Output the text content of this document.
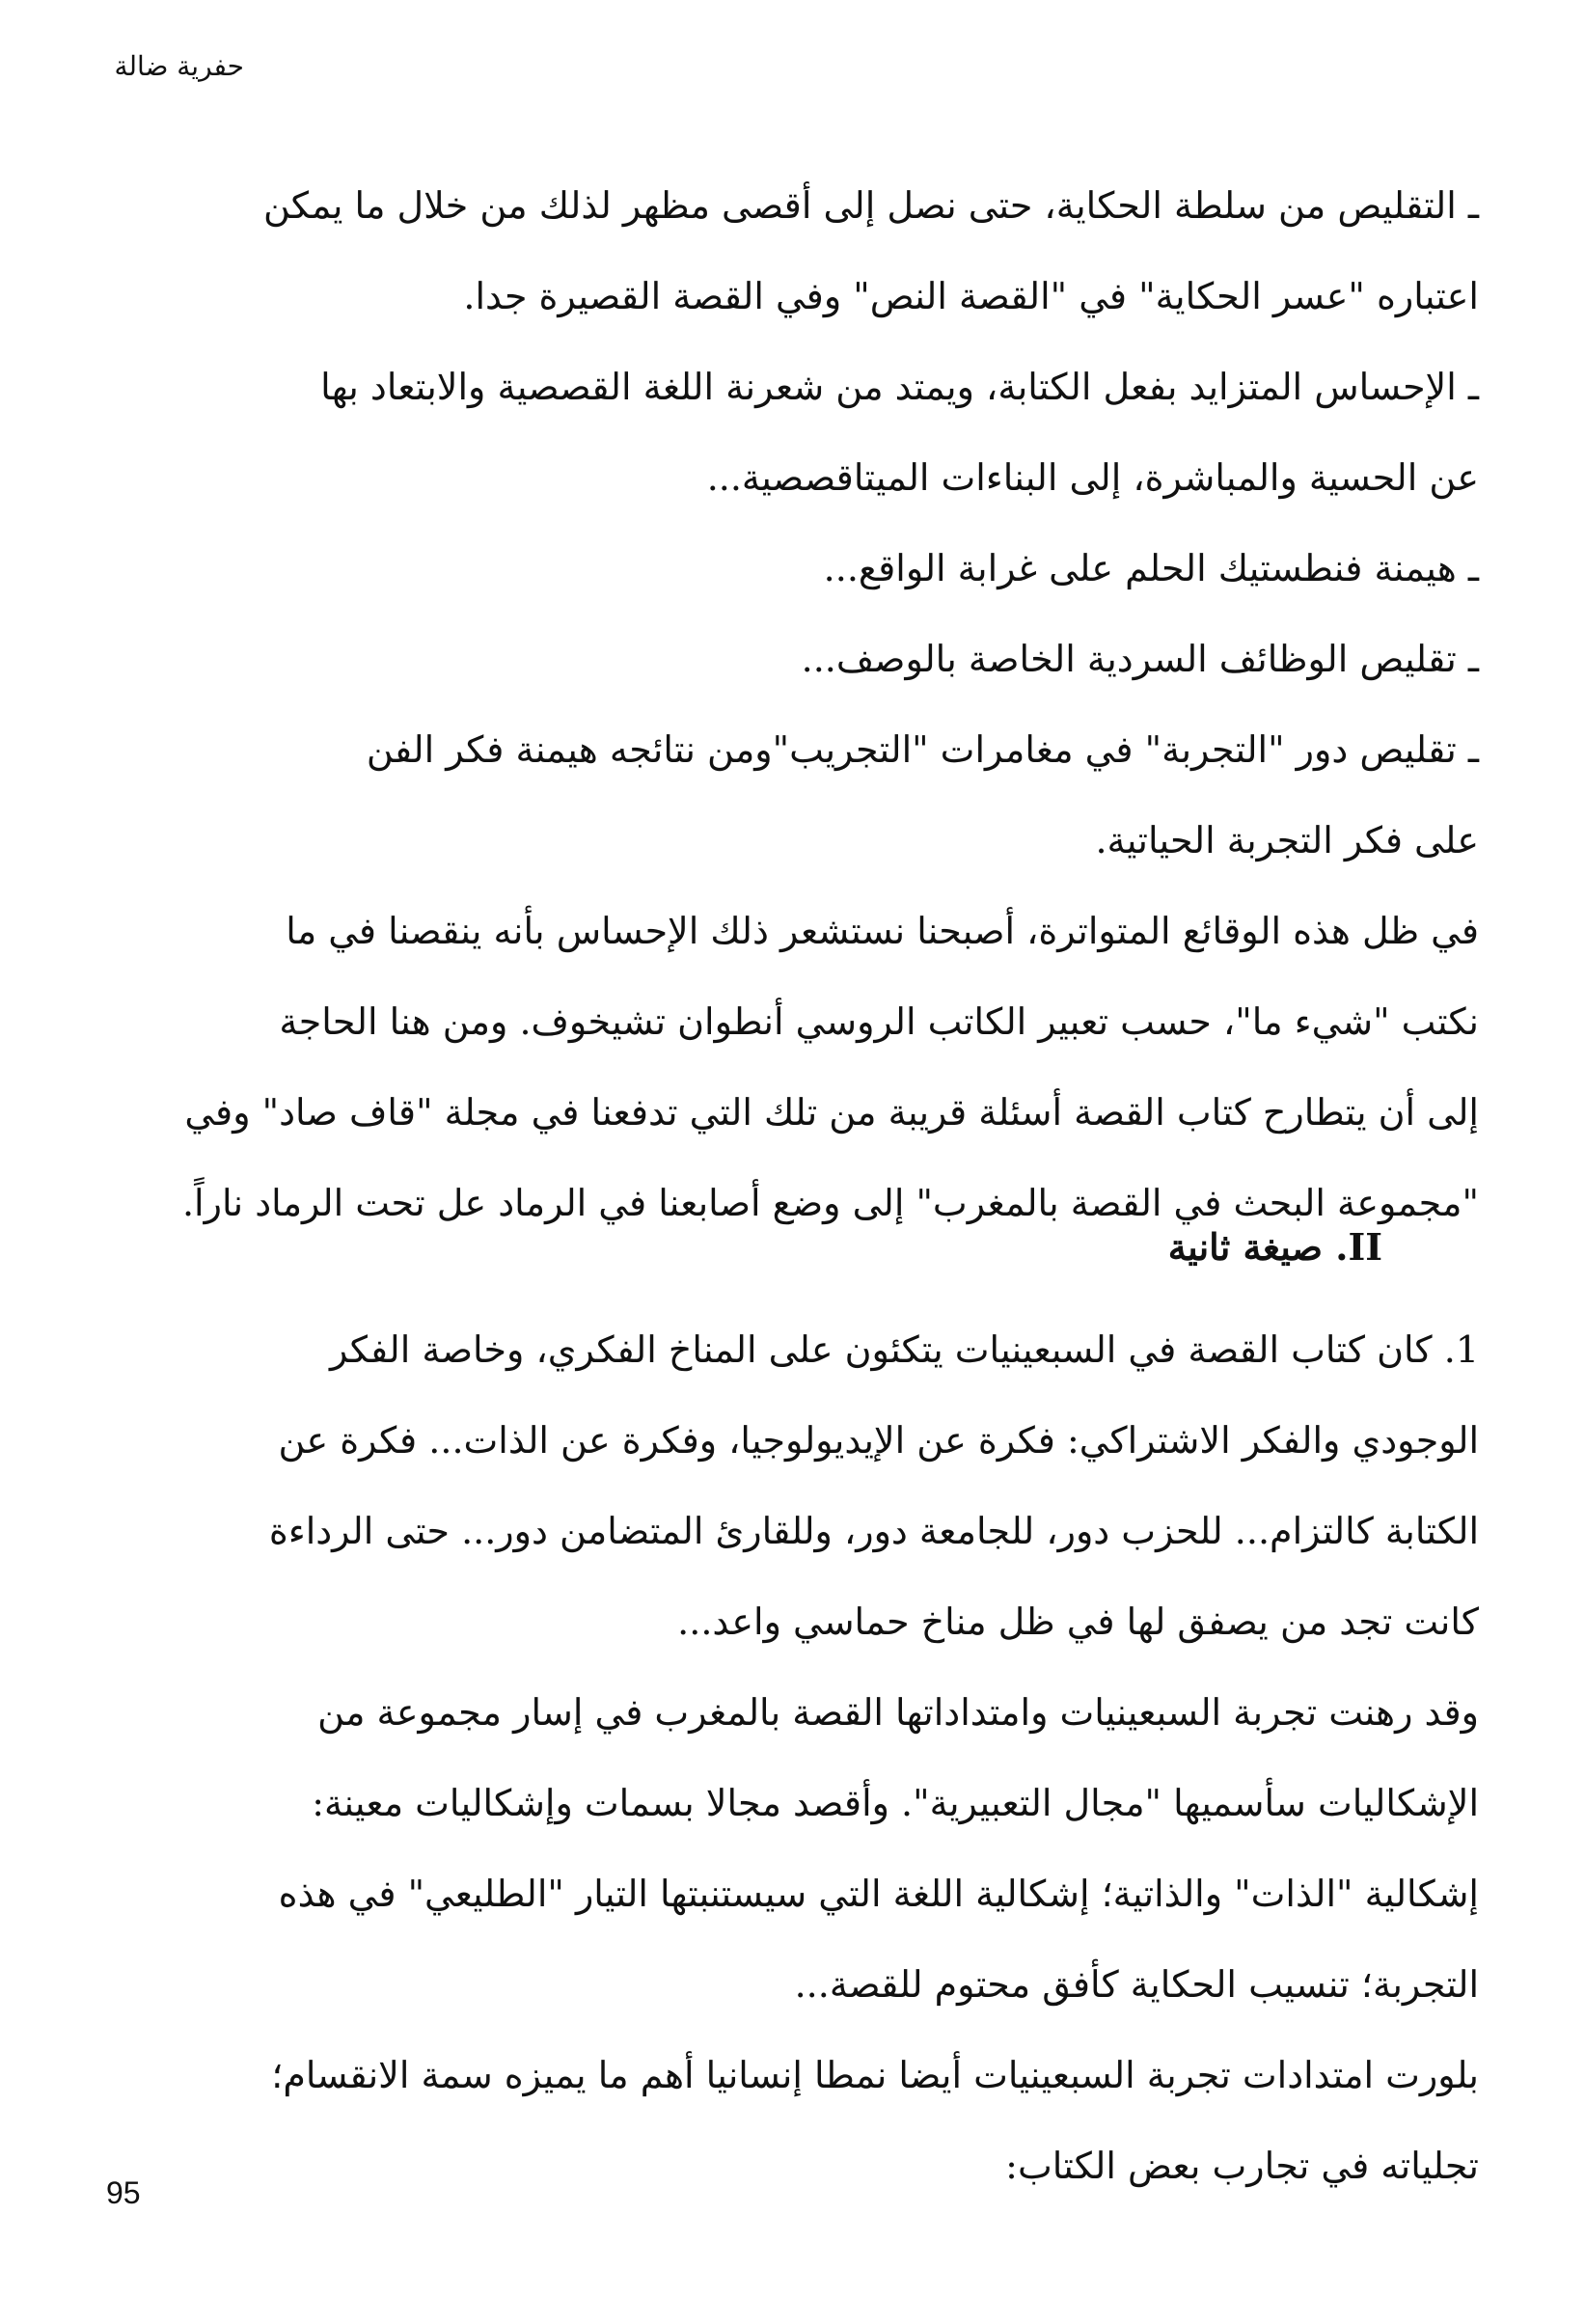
حفرية ضالة
ـ التقليص من سلطة الحكاية، حتى نصل إلى أقصى مظهر لذلك من خلال ما يمكن
اعتباره "عسر الحكاية" في "القصة النص" وفي القصة القصيرة جدا.
ـ الإحساس المتزايد بفعل الكتابة، ويمتد من شعرنة اللغة القصصية والابتعاد بها
عن الحسية والمباشرة، إلى البناءات الميتاقصصية...
ـ هيمنة فنطستيك الحلم على غرابة الواقع...
ـ تقليص الوظائف السردية الخاصة بالوصف...
ـ تقليص دور "التجربة" في مغامرات "التجريب"ومن نتائجه هيمنة فكر الفن
على فكر التجربة الحياتية.
في ظل هذه الوقائع المتواترة، أصبحنا نستشعر ذلك الإحساس بأنه ينقصنا في ما
نكتب "شيء ما"، حسب تعبير الكاتب الروسي أنطوان تشيخوف. ومن هنا الحاجة
إلى أن يتطارح كتاب القصة أسئلة قريبة من تلك التي تدفعنا في مجلة "قاف صاد" وفي
"مجموعة البحث في القصة بالمغرب" إلى وضع أصابعنا في الرماد عل تحت الرماد ناراً.
II. صيغة ثانية
1. كان كتاب القصة في السبعينيات يتكئون على المناخ الفكري، وخاصة الفكر
الوجودي والفكر الاشتراكي: فكرة عن الإيديولوجيا، وفكرة عن الذات... فكرة عن
الكتابة كالتزام... للحزب دور، للجامعة دور، وللقارئ المتضامن دور... حتى الرداءة
كانت تجد من يصفق لها في ظل مناخ حماسي واعد...
وقد رهنت تجربة السبعينيات وامتداداتها القصة بالمغرب في إسار مجموعة من
الإشكاليات سأسميها "مجال التعبيرية". وأقصد مجالا بسمات وإشكاليات معينة:
إشكالية "الذات" والذاتية؛ إشكالية اللغة التي سيستنبتها التيار "الطليعي" في هذه
التجربة؛ تنسيب الحكاية كأفق محتوم للقصة...
بلورت امتدادات تجربة السبعينيات أيضا نمطا إنسانيا أهم ما يميزه سمة الانقسام؛
تجلياته في تجارب بعض الكتاب:
95
